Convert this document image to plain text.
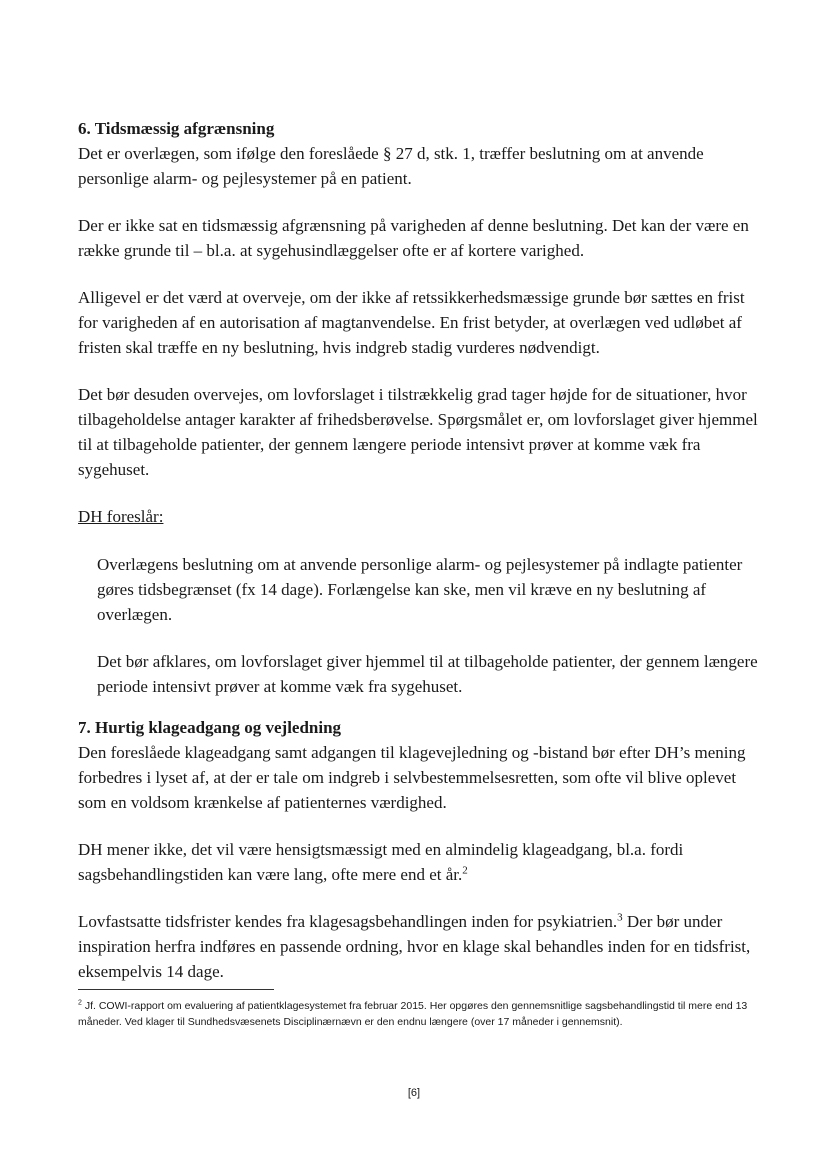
6. Tidsmæssig afgrænsning

Det er overlægen, som ifølge den foreslåede § 27 d, stk. 1, træffer beslutning om at anvende personlige alarm- og pejlesystemer på en patient.

Der er ikke sat en tidsmæssig afgrænsning på varigheden af denne beslutning. Det kan der være en række grunde til – bl.a. at sygehusindlæggelser ofte er af kortere varighed.

Alligevel er det værd at overveje, om der ikke af retssikkerhedsmæssige grunde bør sættes en frist for varigheden af en autorisation af magtanvendelse. En frist betyder, at overlægen ved udløbet af fristen skal træffe en ny beslutning, hvis indgreb stadig vurderes nødvendigt.

Det bør desuden overvejes, om lovforslaget i tilstrækkelig grad tager højde for de situationer, hvor tilbageholdelse antager karakter af frihedsberøvelse. Spørgsmålet er, om lovforslaget giver hjemmel til at tilbageholde patienter, der gennem længere periode intensivt prøver at komme væk fra sygehuset.

DH foreslår:

Overlægens beslutning om at anvende personlige alarm- og pejlesystemer på indlagte patienter gøres tidsbegrænset (fx 14 dage). Forlængelse kan ske, men vil kræve en ny beslutning af overlægen.

Det bør afklares, om lovforslaget giver hjemmel til at tilbageholde patienter, der gennem længere periode intensivt prøver at komme væk fra sygehuset.

7. Hurtig klageadgang og vejledning

Den foreslåede klageadgang samt adgangen til klagevejledning og -bistand bør efter DH’s mening forbedres i lyset af, at der er tale om indgreb i selvbestemmelsesretten, som ofte vil blive oplevet som en voldsom krænkelse af patienternes værdighed.

DH mener ikke, det vil være hensigtsmæssigt med en almindelig klageadgang, bl.a. fordi sagsbehandlingstiden kan være lang, ofte mere end et år.$^2$

Lovfastsatte tidsfrister kendes fra klagesagsbehandlingen inden for psykiatrien.$^3$ Der bør under inspiration herfra indføres en passende ordning, hvor en klage skal behandles inden for en tidsfrist, eksempelvis 14 dage.

$^2$ Jf. COWI-rapport om evaluering af patientklagesystemet fra februar 2015. Her opgøres den gennemsnitlige sagsbehandlingstid til mere end 13 måneder. Ved klager til Sundhedsvæsenets Disciplinærnævn er den endnu længere (over 17 måneder i gennemsnit).
[6]
